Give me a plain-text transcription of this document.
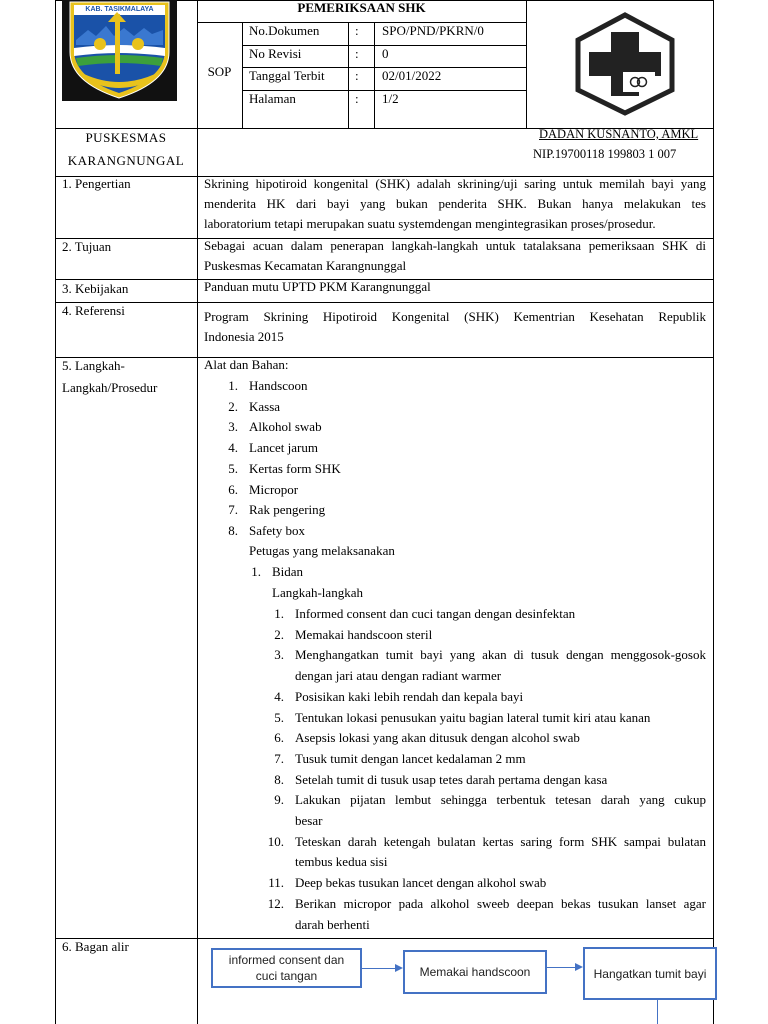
KAB. TASIKMALAYA	PEMERIKSAAN SHK
SOP
No.Dokumen	: SPO/PND/PKRN/0
No Revisi	: 0
Tanggal Terbit : 02/01/2022
Halaman	: 1/2
PUSKESMAS
KARANGNUNGAL
DADAN KUSNANTO, AMKL
NIP.19700118 199803 1 007
1. Pengertian	Skrining hipotiroid kongenital (SHK) adalah skrining/uji saring untuk memilah bayi yang
menderita HK dari bayi yang bukan penderita SHK. Bukan hanya melakukan tes
laboratorium tetapi merupakan suatu systemdengan mengintegrasikan proses/prosedur.
2. Tujuan	Sebagai acuan dalam penerapan langkah-langkah untuk tatalaksana pemeriksaan SHK di
Puskesmas Kecamatan Karangnunggal
3. Kebijakan	Panduan mutu UPTD PKM Karangnunggal
4. Referensi	Program Skrining Hipotiroid Kongenital (SHK) Kementrian Kesehatan Republik
Indonesia 2015
5. Langkah-
Langkah/Prosedur
Alat dan Bahan:
1. Handscoon
2. Kassa
3. Alkohol swab
4. Lancet jarum
5. Kertas form SHK
6. Micropor
7. Rak pengering
8. Safety box
Petugas yang melaksanakan
1. Bidan
Langkah-langkah
1. Informed consent dan cuci tangan dengan desinfektan
2. Memakai handscoon steril
3. Menghangatkan tumit bayi yang akan di tusuk dengan menggosok-gosok
dengan jari atau dengan radiant warmer
4. Posisikan kaki lebih rendah dan kepala bayi
5. Tentukan lokasi penusukan yaitu bagian lateral tumit kiri atau kanan
6. Asepsis lokasi yang akan ditusuk dengan alcohol swab
7. Tusuk tumit dengan lancet kedalaman 2 mm
8. Setelah tumit di tusuk usap tetes darah pertama dengan kasa
9. Lakukan pijatan lembut sehingga terbentuk tetesan darah yang cukup
besar
10. Teteskan darah ketengah bulatan kertas saring form SHK sampai bulatan
tembus kedua sisi
11. Deep bekas tusukan lancet dengan alkohol swab
12. Berikan micropor pada alkohol sweeb deepan bekas tusukan lanset agar
darah berhenti
6. Bagan alir
informed consent dan cuci tangan	Memakai handscoon	Hangatkan tumit bayi
